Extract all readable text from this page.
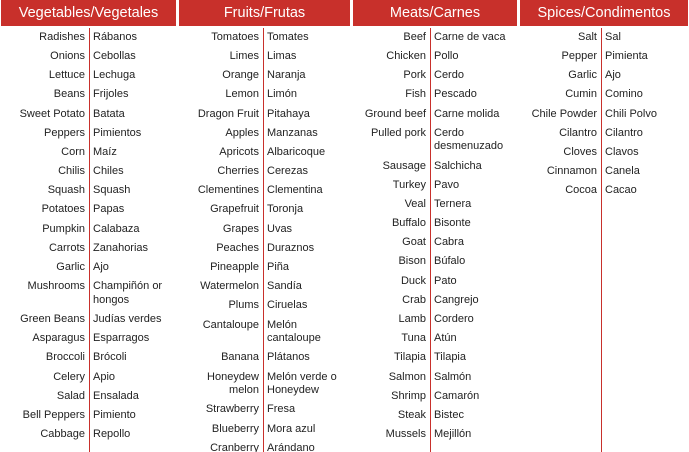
Vegetables/Vegetales
Radishes Rábanos
Onions Cebollas
Lettuce Lechuga
Beans Frijoles
Sweet Potato Batata
Peppers Pimientos
Corn Maíz
Chilis Chiles
Squash Squash
Potatoes Papas
Pumpkin Calabaza
Carrots Zanahorias
Garlic Ajo
Mushrooms Champiñón or hongos
Green Beans Judías verdes
Asparagus Esparragos
Broccoli Brócoli
Celery Apio
Salad Ensalada
Bell Peppers Pimiento
Cabbage Repollo
Fruits/Frutas
Tomatoes Tomates
Limes Limas
Orange Naranja
Lemon Limón
Dragon Fruit Pitahaya
Apples Manzanas
Apricots Albaricoque
Cherries Cerezas
Clementines Clementina
Grapefruit Toronja
Grapes Uvas
Peaches Duraznos
Pineapple Piña
Watermelon Sandía
Plums Ciruelas
Cantaloupe Melón cantaloupe
Banana Plátanos
Honeydew melon
Melón verde o Honeydew
Strawberry Fresa
Blueberry Mora azul
Cranberry Arándano
Meats/Carnes
Beef Carne de vaca
Chicken Pollo
Pork Cerdo
Fish Pescado
Ground beef Carne molida
Pulled pork Cerdo desmenuzado
Sausage Salchicha
Turkey Pavo
Veal Ternera
Buffalo Bisonte
Goat Cabra
Bison Búfalo
Duck Pato
Crab Cangrejo
Lamb Cordero
Tuna Atún
Tilapia Tilapia
Salmon Salmón
Shrimp Camarón
Steak Bistec
Mussels Mejillón
Spices/Condimentos
Salt Sal
Pepper Pimienta
Garlic Ajo
Cumin Comino
Chile Powder Chili Polvo
Cilantro Cilantro
Cloves Clavos
Cinnamon Canela
Cocoa Cacao
